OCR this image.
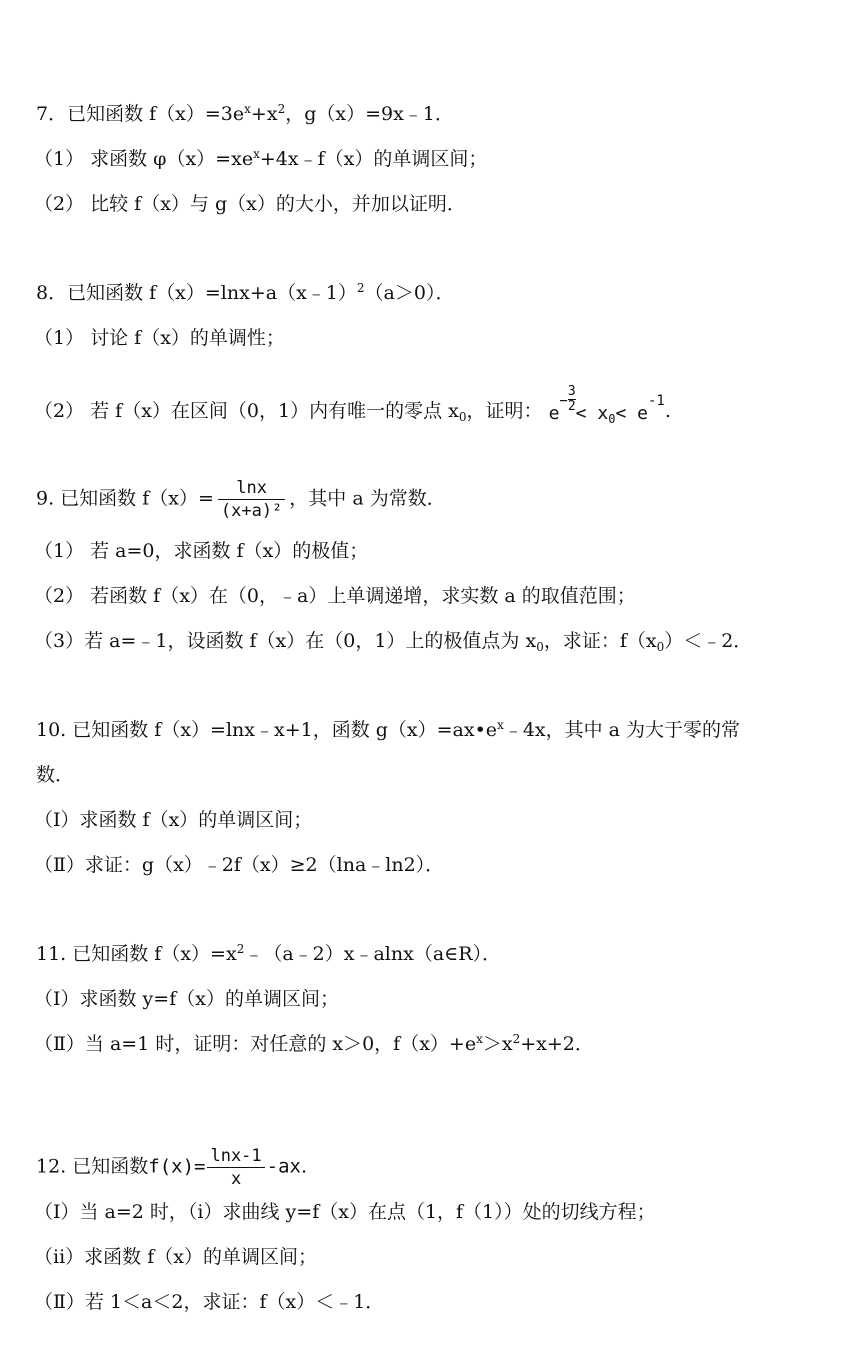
7．已知函数 $f(x)=3e^x+x^2$，g（x）=9x﹣1．
（1） 求函数 $\varphi(x)=xe^x+4x﹣f(x)$的单调区间；
（2） 比较 f（x）与 g（x）的大小，并加以证明．
8．已知函数 f（x）=lnx+a（x﹣1）$^2$（a＞0）．
（1） 讨论 f（x）的单调性；
（2） 若 f（x）在区间（0，1）内有唯一的零点 $x_0$，证明： $e^- \frac{3}{2} < x_0< e^{-1}$.
9. 已知函数 $f(x)= \frac{\ln x}{\text{(x+a)²}}$ ，其中 a 为常数．
（1） 若 a=0，求函数 f（x）的极值；
（2） 若函数 f（x）在（0，﹣a）上单调递增，求实数 a 的取值范围；
（3）若 a=﹣1，设函数 f（x）在（0，1）上的极值点为 $x_0$，求证：$f(x_0)<﹣2$．
10. 已知函数 f（x）=lnx﹣x+1，函数 $g(x)=ax•e^x﹣4x$，其中 a 为大于零的常
数．
（Ⅰ）求函数 f（x）的单调区间；
（Ⅱ）求证：g（x）﹣2f（x）≥2（lna﹣ln2）．
11. 已知函数 $f(x)=x^2﹣(a﹣2)x﹣alnx(a\in R)$．
（Ⅰ）求函数 y=f（x）的单调区间；
（Ⅱ）当 a=1 时，证明：对任意的 x＞0，$f(x)+e^x>x^2+x+2$．
12. 已知函数$f(x)= \frac{\ln x-1}{x} -ax$.
（Ⅰ）当 a=2 时，（i）求曲线 y=f（x）在点（1，f（1））处的切线方程；
（ii）求函数 f（x）的单调区间；
（Ⅱ）若 1＜a＜2，求证：f（x）＜﹣1．
